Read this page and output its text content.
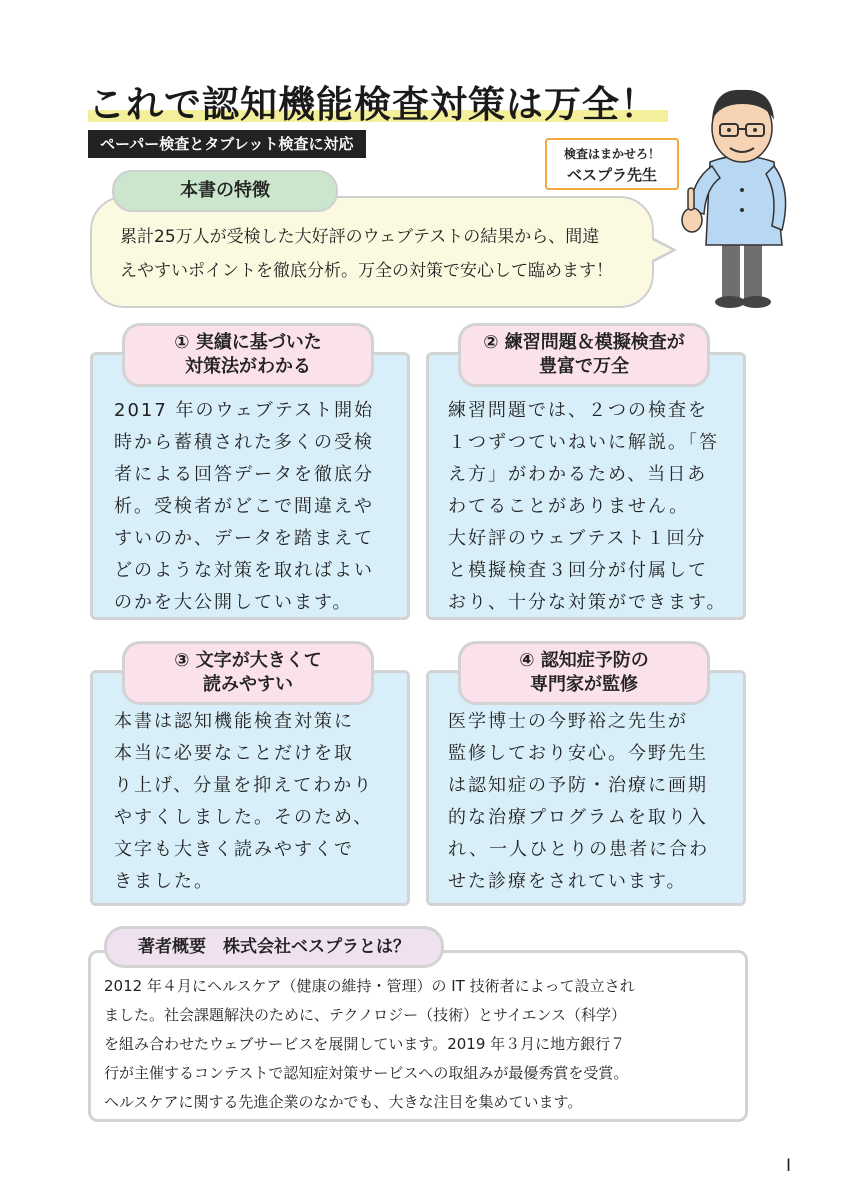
これで認知機能検査対策は万全！
ペーパー検査とタブレット検査に対応
検査はまかせろ！
ベスプラ先生
本書の特徴
累計25万人が受検した大好評のウェブテストの結果から、間違
えやすいポイントを徹底分析。万全の対策で安心して臨めます！
① 実績に基づいた
対策法がわかる
2017 年のウェブテスト開始
時から蓄積された多くの受検
者による回答データを徹底分
析。受検者がどこで間違えや
すいのか、データを踏まえて
どのような対策を取ればよい
のかを大公開しています。
② 練習問題＆模擬検査が
豊富で万全
練習問題では、２つの検査を
１つずつていねいに解説。「答
え方」がわかるため、当日あ
わてることがありません。
大好評のウェブテスト１回分
と模擬検査３回分が付属して
おり、十分な対策ができます。
③ 文字が大きくて
読みやすい
本書は認知機能検査対策に
本当に必要なことだけを取
り上げ、分量を抑えてわかり
やすくしました。そのため、
文字も大きく読みやすくで
きました。
④ 認知症予防の
専門家が監修
医学博士の今野裕之先生が
監修しており安心。今野先生
は認知症の予防・治療に画期
的な治療プログラムを取り入
れ、一人ひとりの患者に合わ
せた診療をされています。
著者概要　株式会社ベスプラとは？
2012 年４月にヘルスケア（健康の維持・管理）の IT 技術者によって設立され
ました。社会課題解決のために、テクノロジー（技術）とサイエンス（科学）
を組み合わせたウェブサービスを展開しています。2019 年３月に地方銀行７
行が主催するコンテストで認知症対策サービスへの取組みが最優秀賞を受賞。
ヘルスケアに関する先進企業のなかでも、大きな注目を集めています。
I
